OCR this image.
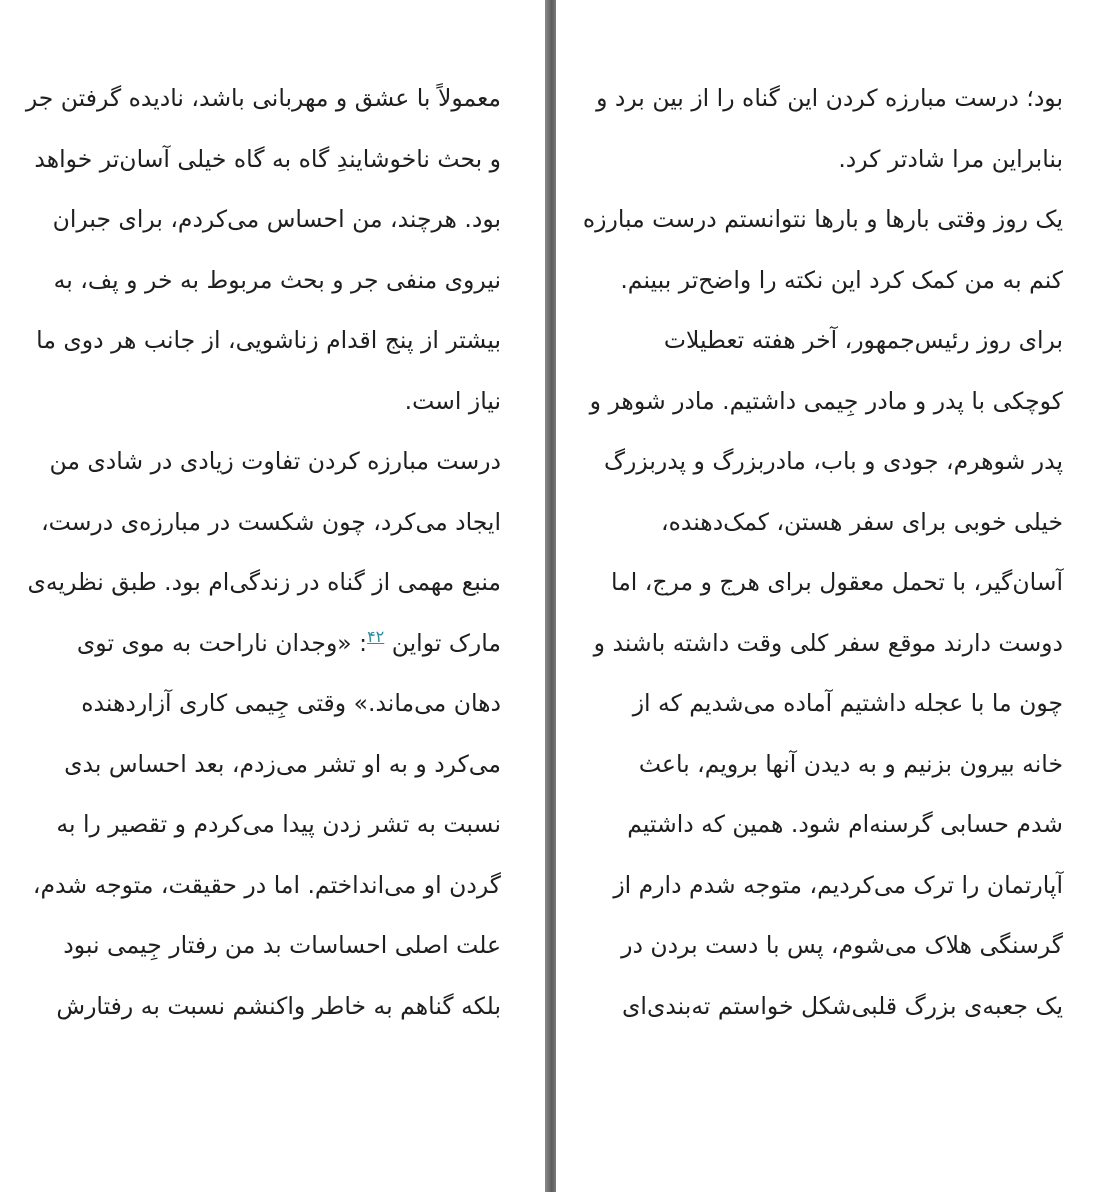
معمولاً با عشق و مهربانی باشد، نادیده گرفتن جر
و بحث ناخوشایندِ گاه به گاه خیلی آسان‌تر خواهد
بود. هرچند، من احساس می‌کردم، برای جبران
نیروی منفی جر و بحث مربوط به خر و پف، به
بیشتر از پنج اقدام زناشویی، از جانب هر دوی ما
نیاز است.
درست مبارزه کردن تفاوت زیادی در شادی من
ایجاد می‌کرد، چون شکست در مبارزه‌ی درست،
منبع مهمی از گناه در زندگی‌ام بود. طبق نظریه‌ی
مارک تواین $^{۴۲}$: «وجدان ناراحت به موی توی
دهان می‌ماند.» وقتی جِیمی کاری آزاردهنده
می‌کرد و به او تشر می‌زدم، بعد احساس بدی
نسبت به تشر زدن پیدا می‌کردم و تقصیر را به
گردن او می‌انداختم. اما در حقیقت، متوجه شدم،
علت اصلی احساسات بد من رفتار جِیمی نبود
بلکه گناهم به خاطر واکنشم نسبت به رفتارش
بود؛ درست مبارزه کردن این گناه را از بین برد و
بنابراین مرا شادتر کرد.
یک روز وقتی بارها و بارها نتوانستم درست مبارزه
کنم به من کمک کرد این نکته را واضح‌تر ببینم.
برای روز رئیس‌جمهور، آخر هفته تعطیلات
کوچکی با پدر و مادر جِیمی داشتیم. مادر شوهر و
پدر شوهرم، جودی و باب، مادربزرگ و پدربزرگ
خیلی خوبی برای سفر هستن، کمک‌دهنده،
آسان‌گیر، با تحمل معقول برای هرج و مرج، اما
دوست دارند موقع سفر کلی وقت داشته باشند و
چون ما با عجله داشتیم آماده می‌شدیم که از
خانه بیرون بزنیم و به دیدن آنها برویم، باعث
شدم حسابی گرسنه‌ام شود. همین که داشتیم
آپارتمان را ترک می‌کردیم، متوجه شدم دارم از
گرسنگی هلاک می‌شوم، پس با دست بردن در
یک جعبه‌ی بزرگ قلبی‌شکل خواستم ته‌بندی‌ای
